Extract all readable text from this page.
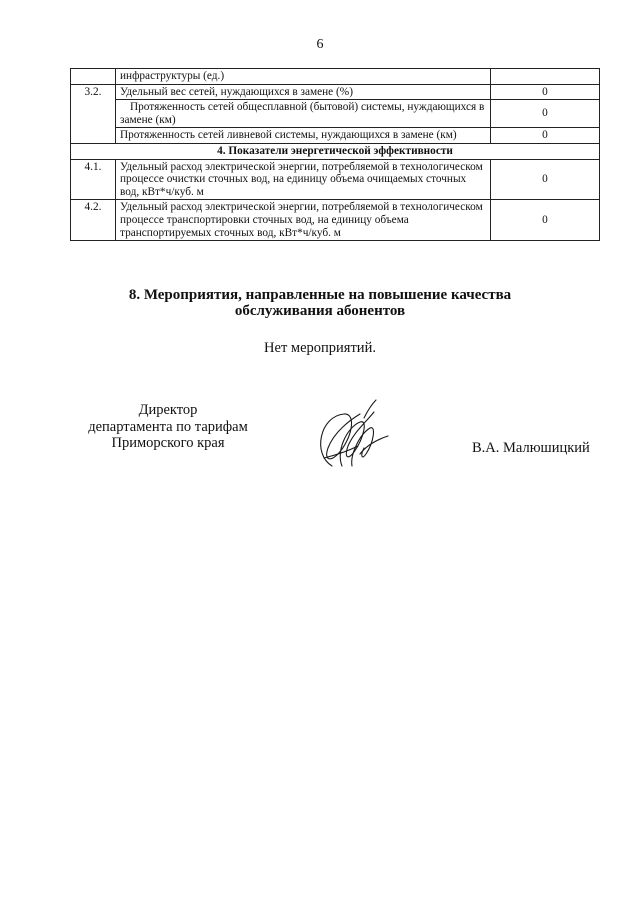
6
	инфраструктуры (ед.)	
3.2.	Удельный вес сетей, нуждающихся в замене (%)	0
	Протяженность сетей общесплавной (бытовой) системы, нуждающихся в замене (км)	0
	Протяженность сетей ливневой системы, нуждающихся в замене (км)	0
4. Показатели энергетической эффективности		
4.1.	Удельный расход электрической энергии, потребляемой в технологическом процессе очистки сточных вод, на единицу объема очищаемых сточных вод, кВт*ч/куб. м	0
4.2.	Удельный расход электрической энергии, потребляемой в технологическом процессе транспортировки сточных вод, на единицу объема транспортируемых сточных вод, кВт*ч/куб. м	0
8. Мероприятия, направленные на повышение качества
обслуживания абонентов
Нет мероприятий.
Директор
департамента по тарифам
Приморского края	В.А. Малюшицкий
